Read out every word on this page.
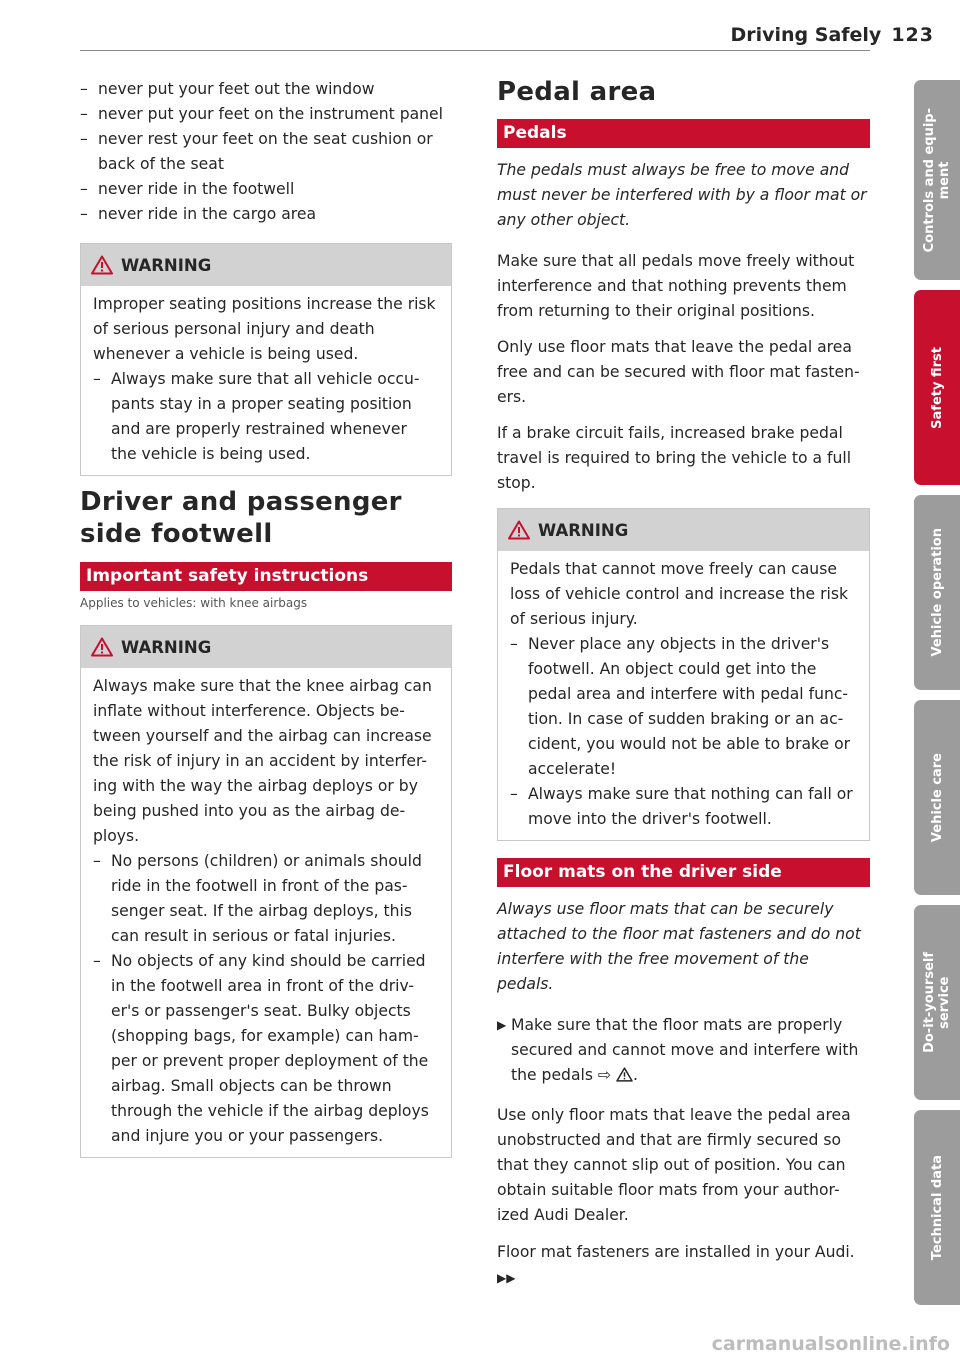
Driving Safely 123
– never put your feet out the window
– never put your feet on the instrument panel
– never rest your feet on the seat cushion or back of the seat
– never ride in the footwell
– never ride in the cargo area
WARNING

Improper seating positions increase the risk of serious personal injury and death whenever a vehicle is being used.

– Always make sure that all vehicle occu-pants stay in a proper seating position and are properly restrained whenever the vehicle is being used.
Driver and passenger side footwell
Important safety instructions
Applies to vehicles: with knee airbags
WARNING

Always make sure that the knee airbag can inflate without interference. Objects be-tween yourself and the airbag can increase the risk of injury in an accident by interfer-ing with the way the airbag deploys or by being pushed into you as the airbag de-ploys.

– No persons (children) or animals should ride in the footwell in front of the pas-senger seat. If the airbag deploys, this can result in serious or fatal injuries.
– No objects of any kind should be carried in the footwell area in front of the driv-er's or passenger's seat. Bulky objects (shopping bags, for example) can ham-per or prevent proper deployment of the airbag. Small objects can be thrown through the vehicle if the airbag deploys and injure you or your passengers.
Pedal area
Pedals

The pedals must always be free to move and must never be interfered with by a floor mat or any other object.

Make sure that all pedals move freely without interference and that nothing prevents them from returning to their original positions.

Only use floor mats that leave the pedal area free and can be secured with floor mat fasten-ers.

If a brake circuit fails, increased brake pedal travel is required to bring the vehicle to a full stop.

WARNING

Pedals that cannot move freely can cause loss of vehicle control and increase the risk of serious injury.

– Never place any objects in the driver's footwell. An object could get into the pedal area and interfere with pedal func-tion. In case of sudden braking or an ac-cident, you would not be able to brake or accelerate!
– Always make sure that nothing can fall or move into the driver's footwell.
Floor mats on the driver side

Always use floor mats that can be securely attached to the floor mat fasteners and do not interfere with the free movement of the pedals.

▶ Make sure that the floor mats are properly secured and cannot move and interfere with the pedals ⇨ .

Use only floor mats that leave the pedal area unobstructed and that are firmly secured so that they cannot slip out of position. You can obtain suitable floor mats from your author-ized Audi Dealer.

Floor mat fasteners are installed in your Audi. ▶▶

Controls and equip-
ment
Safety first
Vehicle operation
Vehicle care
Do-it-yourself
service
Technical data
carmanualsonline.info
